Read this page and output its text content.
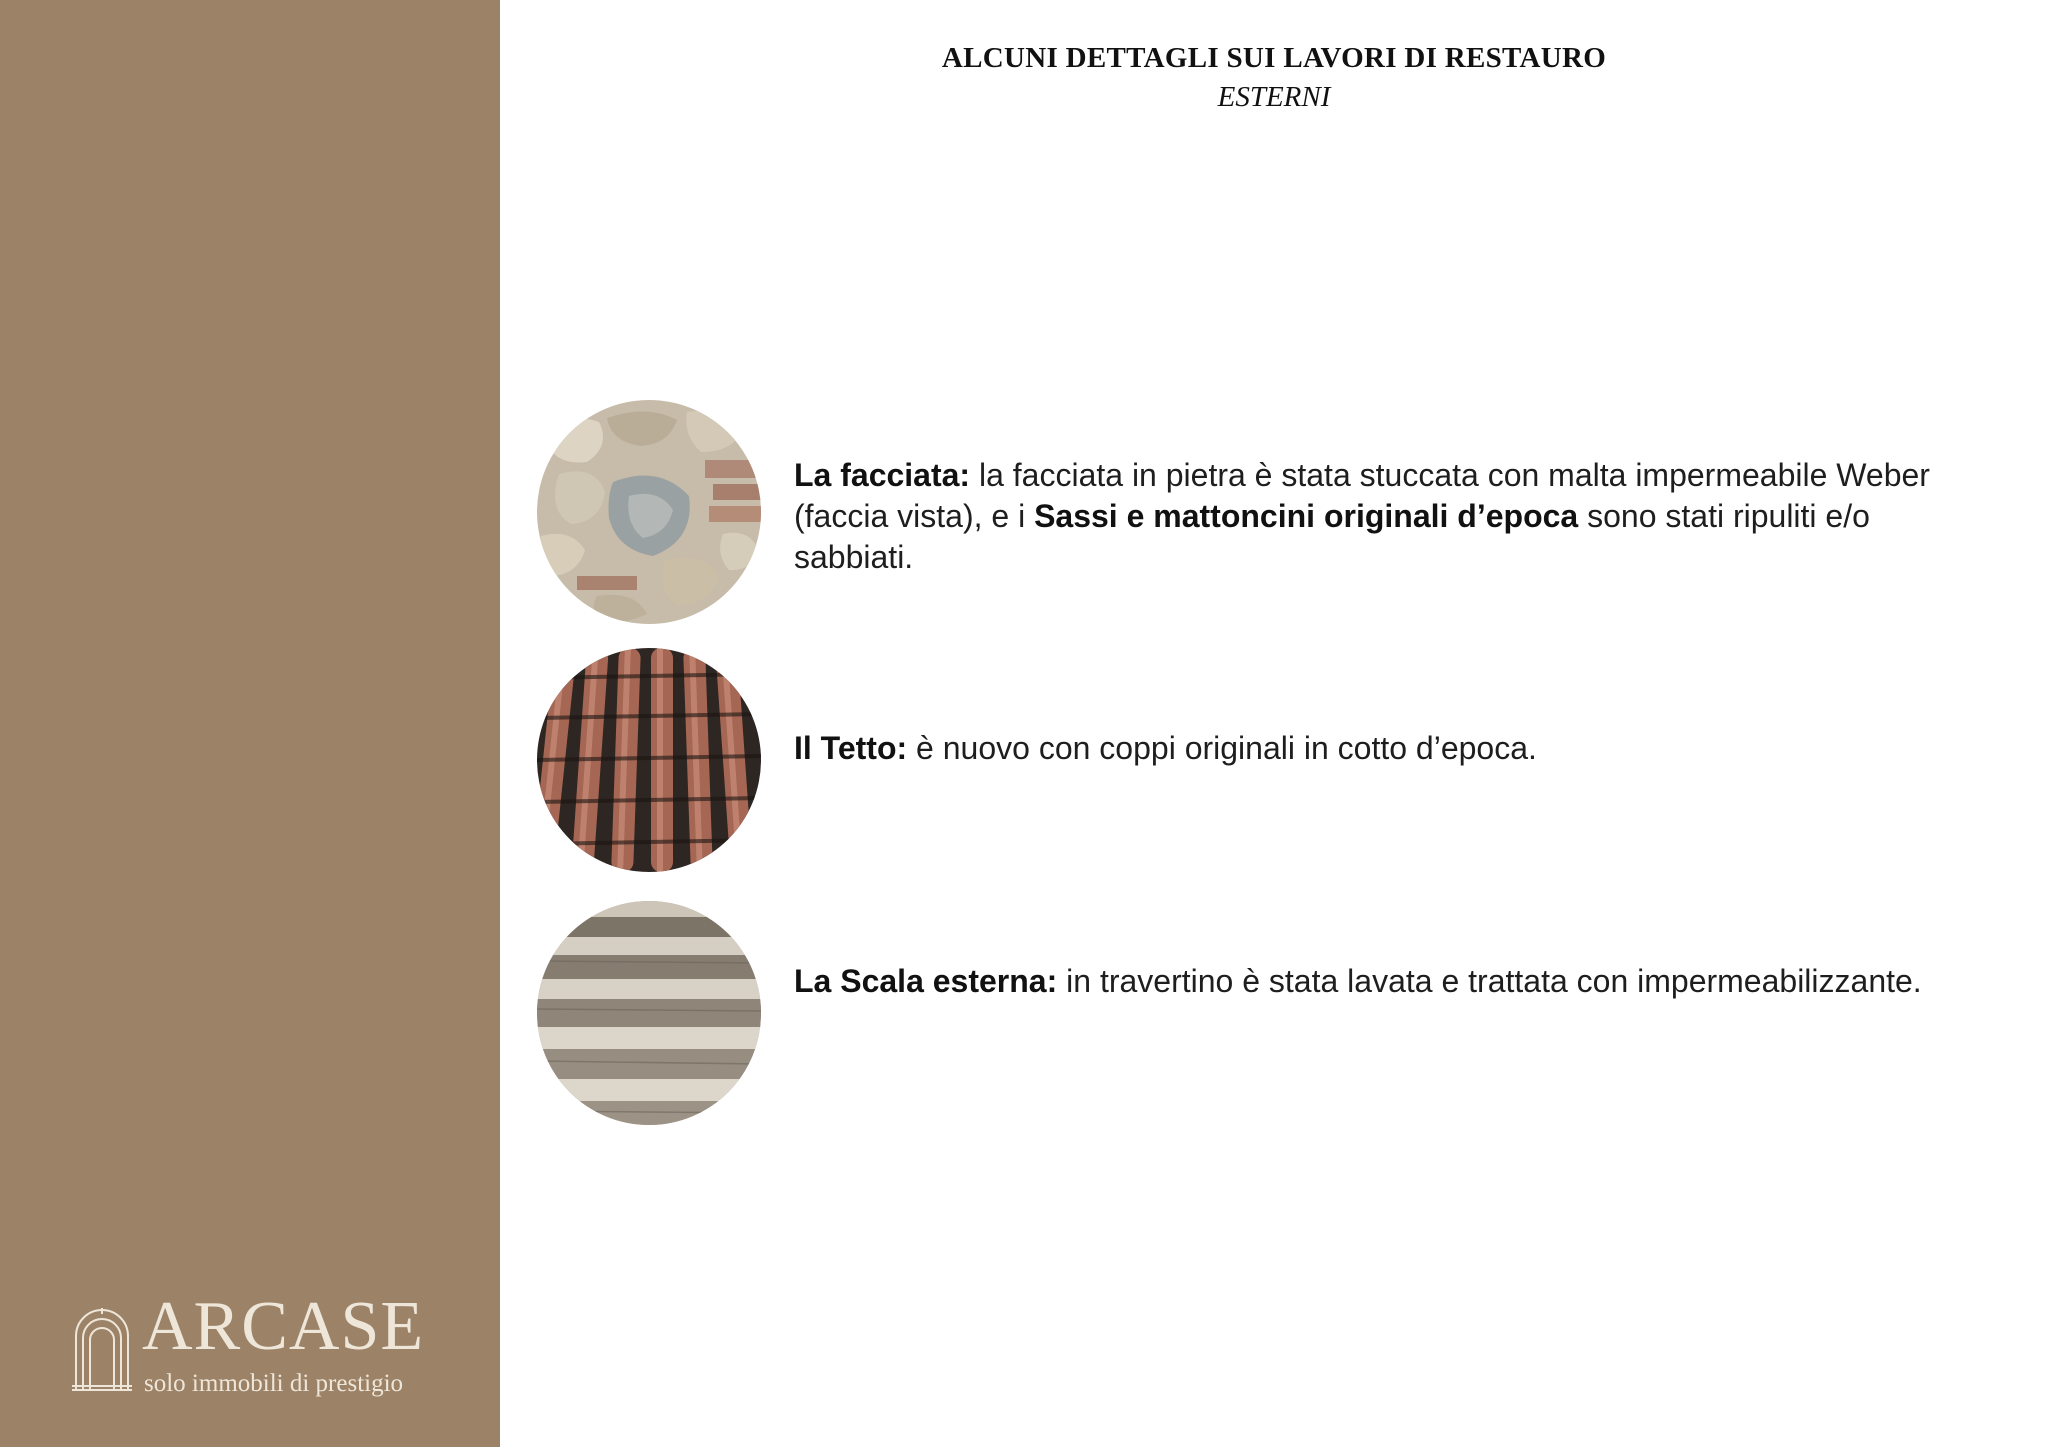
ARCASE
solo immobili di prestigio
ALCUNI DETTAGLI SUI LAVORI DI RESTAURO
ESTERNI
La facciata: la facciata in pietra è stata stuccata con malta impermeabile Weber (faccia vista), e i Sassi e mattoncini originali d’epoca sono stati ripuliti e/o sabbiati.
Il Tetto: è nuovo con coppi originali in cotto d’epoca.
La Scala esterna: in travertino è stata lavata e trattata con impermeabilizzante.
